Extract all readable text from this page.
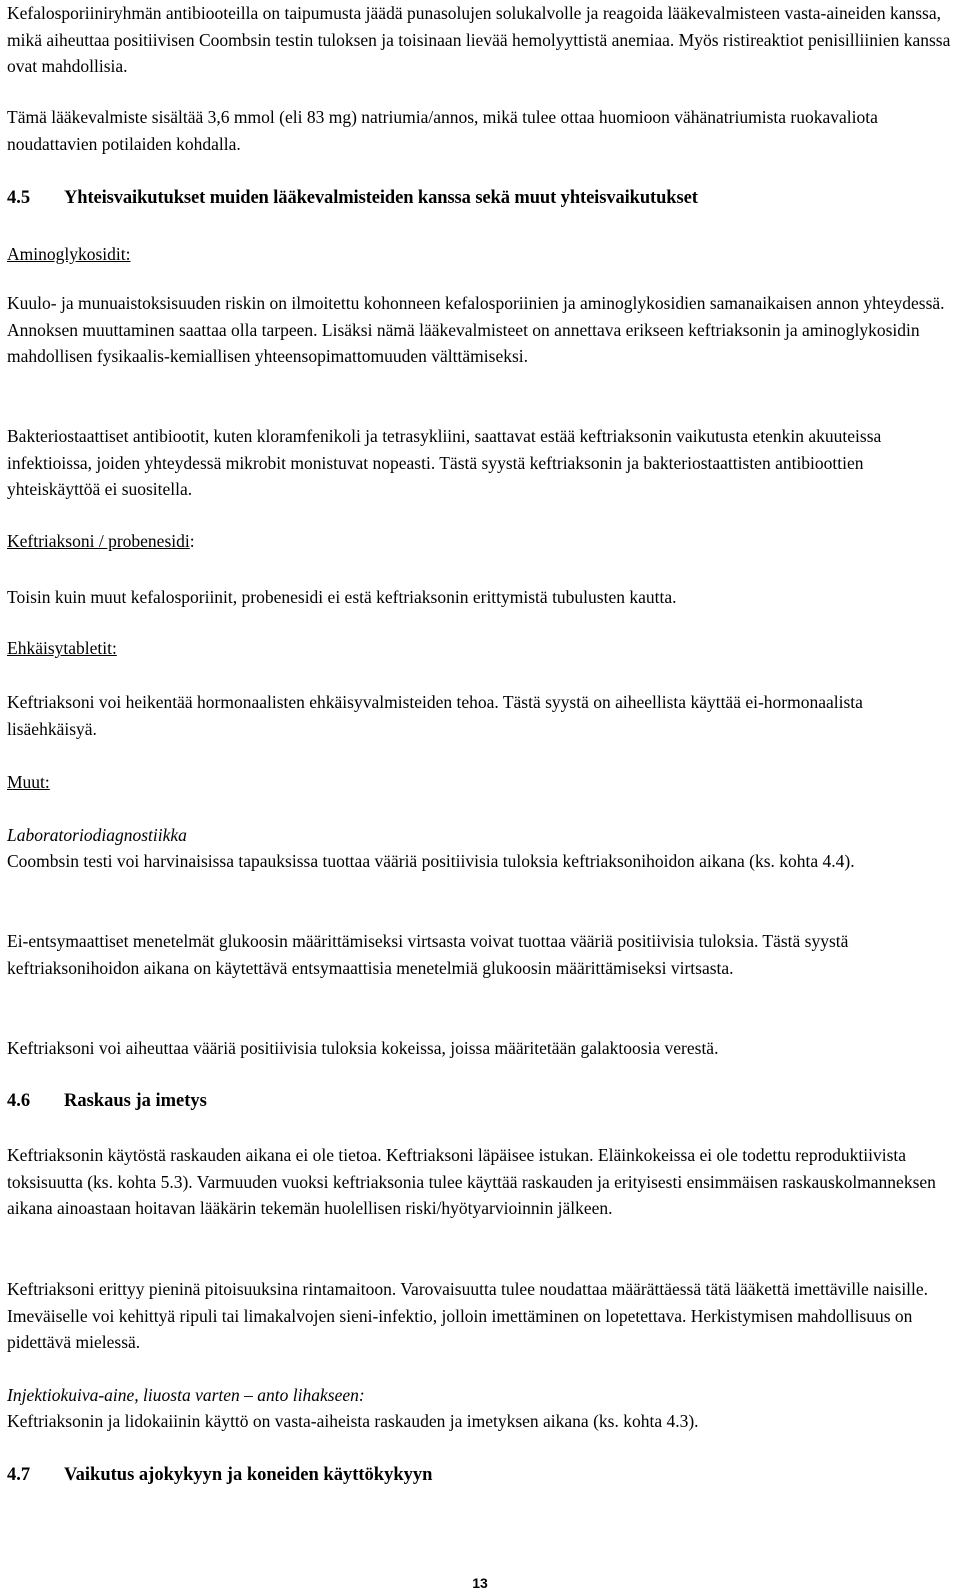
Kefalosporiiniryhmän antibiooteilla on taipumusta jäädä punasolujen solukalvolle ja reagoida lääkevalmisteen vasta-aineiden kanssa, mikä aiheuttaa positiivisen Coombsin testin tuloksen ja toisinaan lievää hemolyyttistä anemiaa. Myös ristireaktiot penisilliinien kanssa ovat mahdollisia.

Tämä lääkevalmiste sisältää 3,6 mmol (eli 83 mg) natriumia/annos, mikä tulee ottaa huomioon vähänatriumista ruokavaliota noudattavien potilaiden kohdalla.

4.5 Yhteisvaikutukset muiden lääkevalmisteiden kanssa sekä muut yhteisvaikutukset

Aminoglykosidit:

Kuulo- ja munuaistoksisuuden riskin on ilmoitettu kohonneen kefalosporiinien ja aminoglykosidien samanaikaisen annon yhteydessä. Annoksen muuttaminen saattaa olla tarpeen. Lisäksi nämä lääkevalmisteet on annettava erikseen keftriaksonin ja aminoglykosidin mahdollisen fysikaalis-kemiallisen yhteensopimattomuuden välttämiseksi.

Bakteriostaattiset antibiootit, kuten kloramfenikoli ja tetrasykliini, saattavat estää keftriaksonin vaikutusta etenkin akuuteissa infektioissa, joiden yhteydessä mikrobit monistuvat nopeasti. Tästä syystä keftriaksonin ja bakteriostaattisten antibioottien yhteiskäyttöä ei suositella.

Keftriaksoni / probenesidi:

Toisin kuin muut kefalosporiinit, probenesidi ei estä keftriaksonin erittymistä tubulusten kautta.

Ehkäisytabletit:

Keftriaksoni voi heikentää hormonaalisten ehkäisyvalmisteiden tehoa. Tästä syystä on aiheellista käyttää ei-hormonaalista lisäehkäisyä.

Muut:

Laboratoriodiagnostiikka

Coombsin testi voi harvinaisissa tapauksissa tuottaa vääriä positiivisia tuloksia keftriaksonihoidon aikana (ks. kohta 4.4).

Ei-entsymaattiset menetelmät glukoosin määrittämiseksi virtsasta voivat tuottaa vääriä positiivisia tuloksia. Tästä syystä keftriaksonihoidon aikana on käytettävä entsymaattisia menetelmiä glukoosin määrittämiseksi virtsasta.

Keftriaksoni voi aiheuttaa vääriä positiivisia tuloksia kokeissa, joissa määritetään galaktoosia verestä.

4.6 Raskaus ja imetys

Keftriaksonin käytöstä raskauden aikana ei ole tietoa. Keftriaksoni läpäisee istukan. Eläinkokeissa ei ole todettu reproduktiivista toksisuutta (ks. kohta 5.3). Varmuuden vuoksi keftriaksonia tulee käyttää raskauden ja erityisesti ensimmäisen raskauskolmanneksen aikana ainoastaan hoitavan lääkärin tekemän huolellisen riski/hyötyarvioinnin jälkeen.

Keftriaksoni erittyy pieninä pitoisuuksina rintamaitoon. Varovaisuutta tulee noudattaa määrättäessä tätä lääkettä imettäville naisille. Imeväiselle voi kehittyä ripuli tai limakalvojen sieni-infektio, jolloin imettäminen on lopetettava. Herkistymisen mahdollisuus on pidettävä mielessä.

Injektiokuiva-aine, liuosta varten – anto lihakseen:

Keftriaksonin ja lidokaiinin käyttö on vasta-aiheista raskauden ja imetyksen aikana (ks. kohta 4.3).

4.7 Vaikutus ajokykyyn ja koneiden käyttökykyyn
13
